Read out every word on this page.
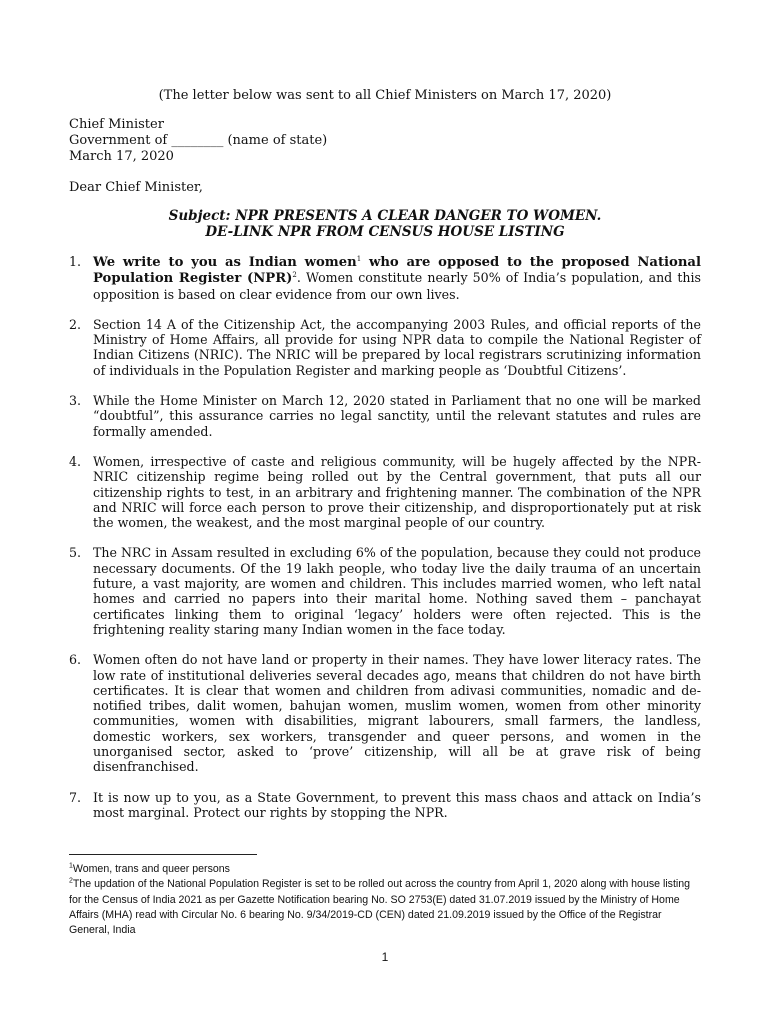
(The letter below was sent to all Chief Ministers on March 17, 2020)
Chief Minister
Government of ________ (name of state)
March 17, 2020
Dear Chief Minister,
Subject: NPR PRESENTS A CLEAR DANGER TO WOMEN.
DE-LINK NPR FROM CENSUS HOUSE LISTING
1. We write to you as Indian women$^1$ who are opposed to the proposed National Population Register (NPR)$^2$. Women constitute nearly 50% of India’s population, and this opposition is based on clear evidence from our own lives.
2. Section 14 A of the Citizenship Act, the accompanying 2003 Rules, and official reports of the Ministry of Home Affairs, all provide for using NPR data to compile the National Register of Indian Citizens (NRIC). The NRIC will be prepared by local registrars scrutinizing information of individuals in the Population Register and marking people as ‘Doubtful Citizens’.
3. While the Home Minister on March 12, 2020 stated in Parliament that no one will be marked “doubtful”, this assurance carries no legal sanctity, until the relevant statutes and rules are formally amended.
4. Women, irrespective of caste and religious community, will be hugely affected by the NPR-NRIC citizenship regime being rolled out by the Central government, that puts all our citizenship rights to test, in an arbitrary and frightening manner. The combination of the NPR and NRIC will force each person to prove their citizenship, and disproportionately put at risk the women, the weakest, and the most marginal people of our country.
5. The NRC in Assam resulted in excluding 6% of the population, because they could not produce necessary documents. Of the 19 lakh people, who today live the daily trauma of an uncertain future, a vast majority, are women and children. This includes married women, who left natal homes and carried no papers into their marital home. Nothing saved them – panchayat certificates linking them to original ‘legacy’ holders were often rejected. This is the frightening reality staring many Indian women in the face today.
6. Women often do not have land or property in their names. They have lower literacy rates. The low rate of institutional deliveries several decades ago, means that children do not have birth certificates. It is clear that women and children from adivasi communities, nomadic and de-notified tribes, dalit women, bahujan women, muslim women, women from other minority communities, women with disabilities, migrant labourers, small farmers, the landless, domestic workers, sex workers, transgender and queer persons, and women in the unorganised sector, asked to ‘prove’ citizenship, will all be at grave risk of being disenfranchised.
7. It is now up to you, as a State Government, to prevent this mass chaos and attack on India’s most marginal. Protect our rights by stopping the NPR.
$^1$Women, trans and queer persons
$^2$The updation of the National Population Register is set to be rolled out across the country from April 1, 2020 along with house listing for the Census of India 2021 as per Gazette Notification bearing No. SO 2753(E) dated 31.07.2019 issued by the Ministry of Home Affairs (MHA) read with Circular No. 6 bearing No. 9/34/2019-CD (CEN) dated 21.09.2019 issued by the Office of the Registrar General, India
1
